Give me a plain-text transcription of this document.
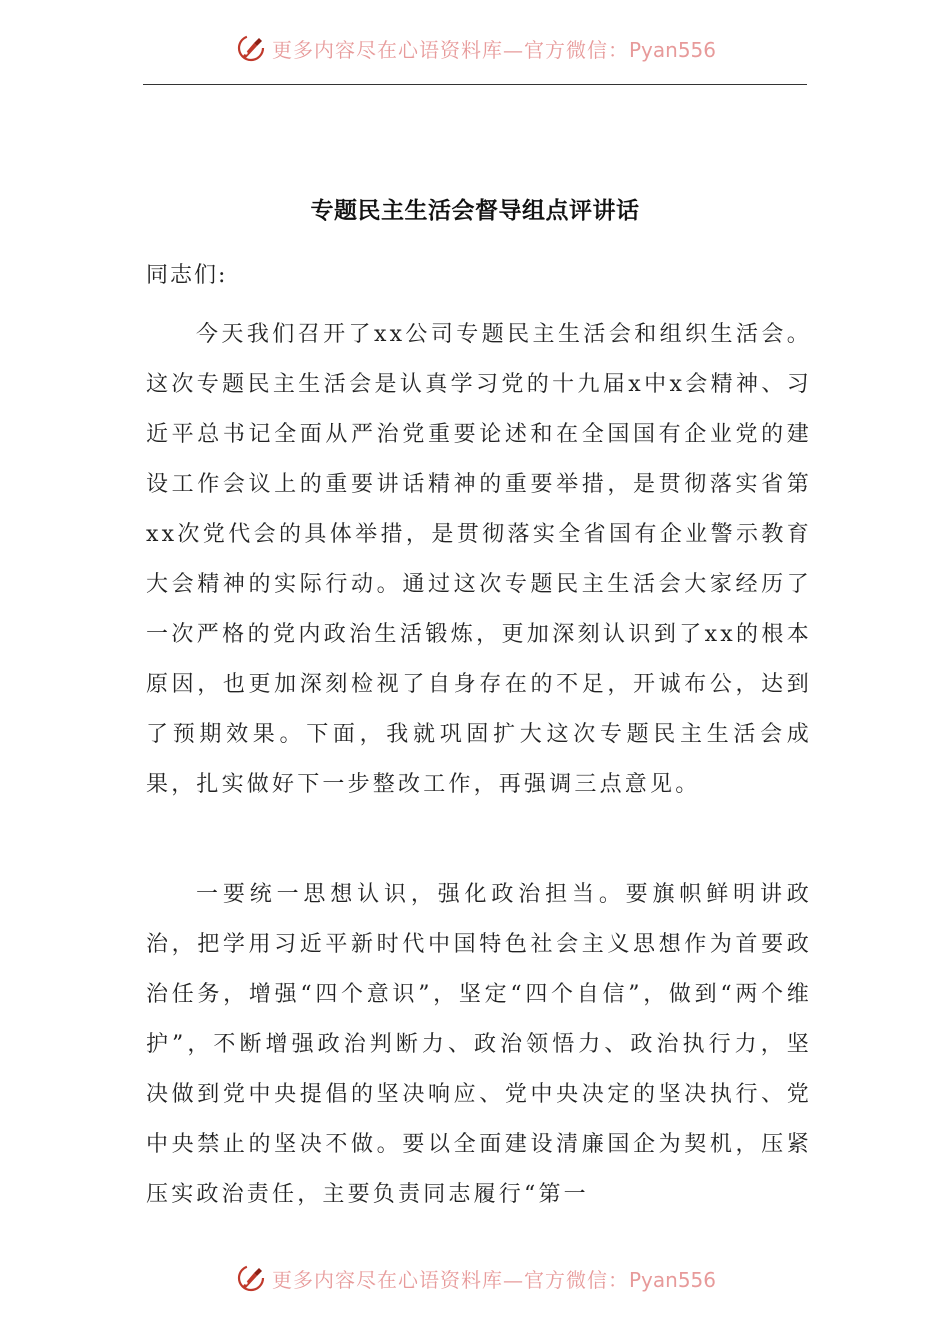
更多内容尽在心语资料库—官方微信：Pyan556
专题民主生活会督导组点评讲话
同志们:

今天我们召开了xx公司专题民主生活会和组织生活会。这次专题民主生活会是认真学习党的十九届x中x会精神、习近平总书记全面从严治党重要论述和在全国国有企业党的建设工作会议上的重要讲话精神的重要举措，是贯彻落实省第xx次党代会的具体举措，是贯彻落实全省国有企业警示教育大会精神的实际行动。通过这次专题民主生活会大家经历了一次严格的党内政治生活锻炼，更加深刻认识到了xx的根本原因，也更加深刻检视了自身存在的不足，开诚布公，达到了预期效果。下面，我就巩固扩大这次专题民主生活会成果，扎实做好下一步整改工作，再强调三点意见。

一要统一思想认识，强化政治担当。要旗帜鲜明讲政治，把学用习近平新时代中国特色社会主义思想作为首要政治任务，增强“四个意识”，坚定“四个自信”，做到“两个维护”，不断增强政治判断力、政治领悟力、政治执行力，坚决做到党中央提倡的坚决响应、党中央决定的坚决执行、党中央禁止的坚决不做。要以全面建设清廉国企为契机，压紧压实政治责任，主要负责同志履行“第一

更多内容尽在心语资料库—官方微信：Pyan556
